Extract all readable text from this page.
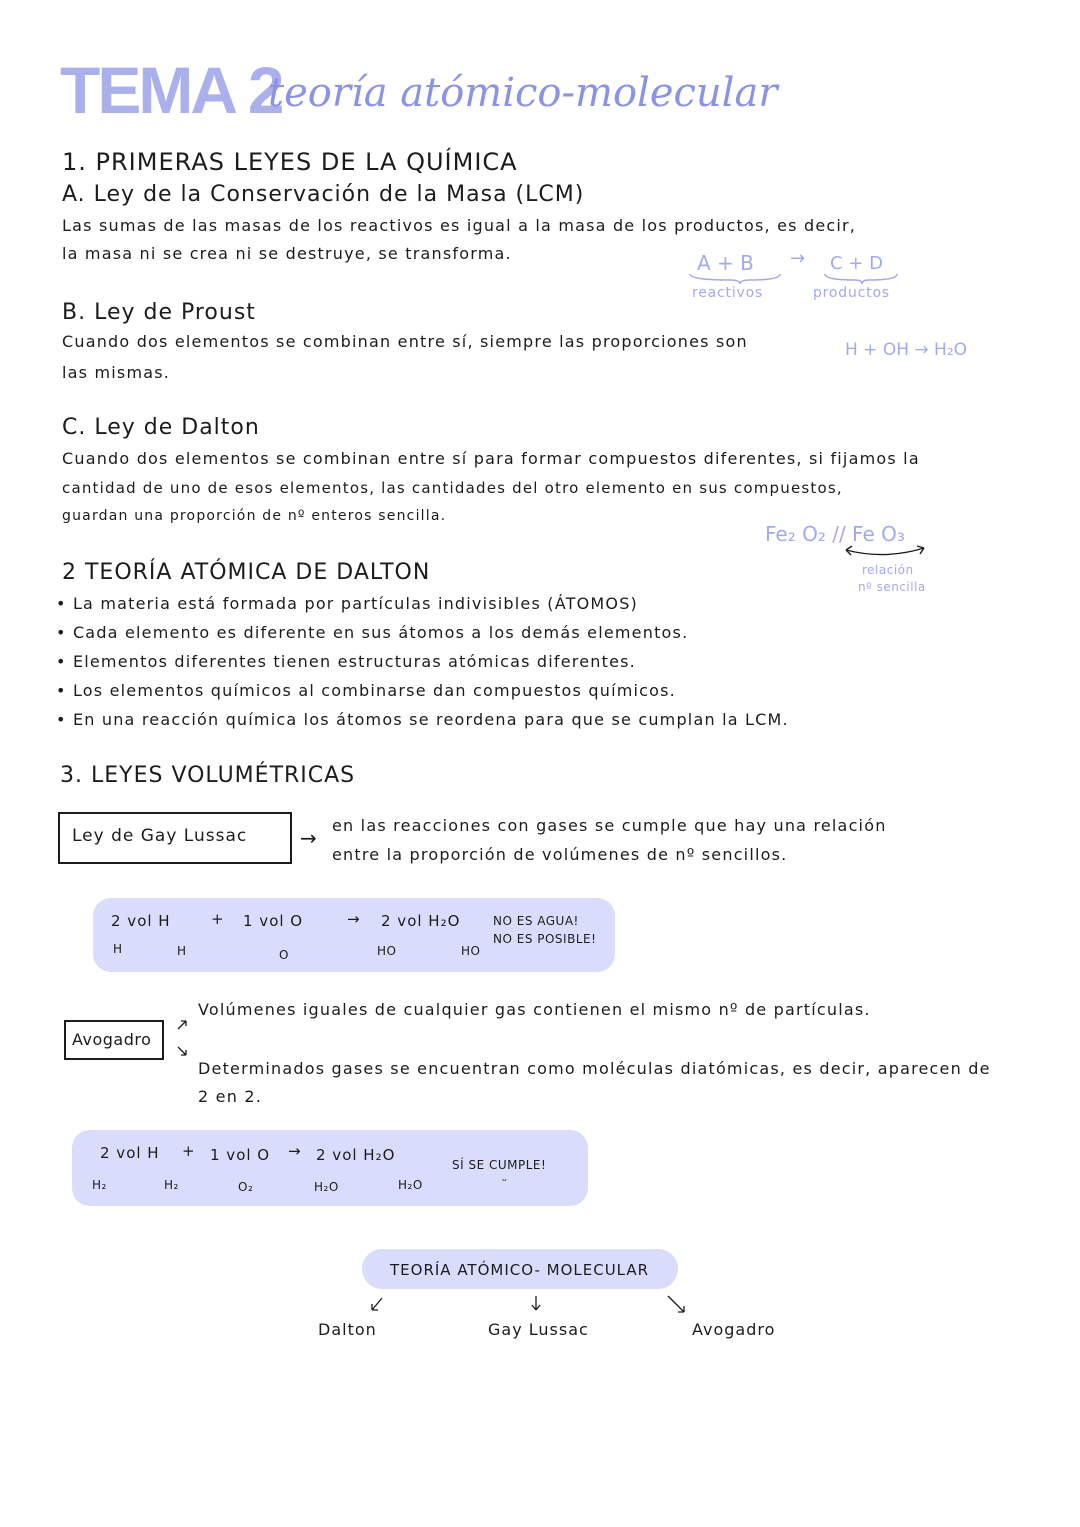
TEMA 2
teoría atómico-molecular
1. PRIMERAS LEYES DE LA QUÍMICA
A. Ley de la Conservación de la Masa (LCM)
Las sumas de las masas de los reactivos es igual a la masa de los productos, es decir,
la masa ni se crea ni se destruye, se transforma.	A + B → C + D
reactivos	productos
B. Ley de Proust
Cuando dos elementos se combinan entre sí, siempre las proporciones son
las mismas.
H + OH → H₂O
C. Ley de Dalton
Cuando dos elementos se combinan entre sí para formar compuestos diferentes, si fijamos la
cantidad de uno de esos elementos, las cantidades del otro elemento en sus compuestos,
guardan una proporción de nº enteros sencilla.
Fe₂ O₂ // Fe O₃
relación
nº sencilla
2 TEORÍA ATÓMICA DE DALTON
• La materia está formada por partículas indivisibles (ÁTOMOS)
• Cada elemento es diferente en sus átomos a los demás elementos.
• Elementos diferentes tienen estructuras atómicas diferentes.
• Los elementos químicos al combinarse dan compuestos químicos.
• En una reacción química los átomos se reordena para que se cumplan la LCM.
3. LEYES VOLUMÉTRICAS
Ley de Gay Lussac	→
en las reacciones con gases se cumple que hay una relación
entre la proporción de volúmenes de nº sencillos.
2 vol H	+ 1 vol O	→ 2 vol H₂O
H	H	O	HO	HO
NO ES AGUA!
NO ES POSIBLE!
Avogadro
Volúmenes iguales de cualquier gas contienen el mismo nº de partículas.
Determinados gases se encuentran como moléculas diatómicas, es decir, aparecen de
2 en 2.
2 vol H + 1 vol O → 2 vol H₂O
H₂	H₂	O₂	H₂O	H₂O
SÍ SE CUMPLE!
ᵕ
TEORÍA ATÓMICO- MOLECULAR
Dalton	Gay Lussac	Avogadro
